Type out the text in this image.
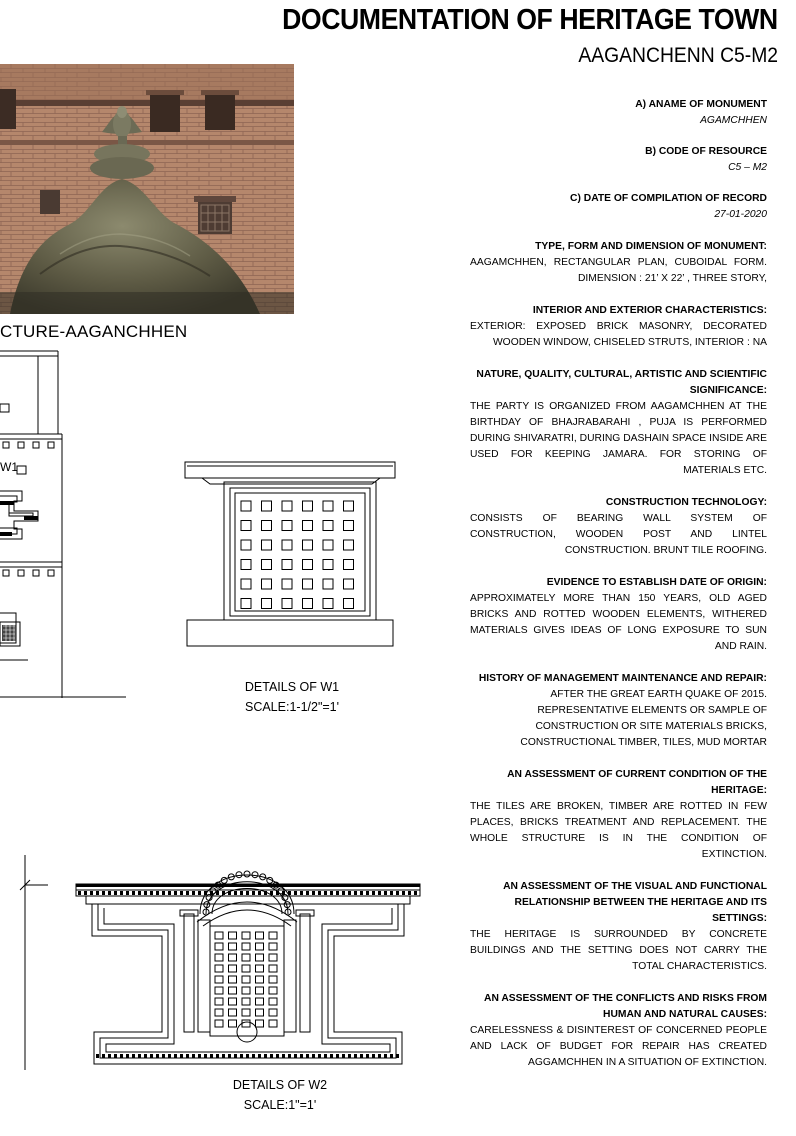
DOCUMENTATION OF HERITAGE TOWN
AAGANCHENN C5-M2
CTURE-AAGANCHHEN
W1
DETAILS OF W1
SCALE:1-1/2"=1'
DETAILS OF W2
SCALE:1"=1'
A) ANAME OF MONUMENT
AGAMCHHEN
B) CODE OF RESOURCE
C5 – M2
C) DATE OF COMPILATION OF RECORD
27-01-2020
TYPE, FORM AND DIMENSION OF MONUMENT:
AAGAMCHHEN, RECTANGULAR PLAN, CUBOIDAL FORM. DIMENSION : 21’ X 22’ , THREE STORY,
INTERIOR AND EXTERIOR CHARACTERISTICS:
EXTERIOR: EXPOSED BRICK MASONRY, DECORATED WOODEN WINDOW, CHISELED STRUTS, INTERIOR : NA
NATURE, QUALITY, CULTURAL, ARTISTIC AND SCIENTIFIC SIGNIFICANCE:
THE PARTY IS ORGANIZED FROM AAGAMCHHEN AT THE BIRTHDAY OF BHAJRABARAHI , PUJA IS PERFORMED DURING SHIVARATRI, DURING DASHAIN SPACE INSIDE ARE USED FOR KEEPING JAMARA. FOR STORING OF MATERIALS ETC.
CONSTRUCTION TECHNOLOGY:
CONSISTS OF BEARING WALL SYSTEM OF CONSTRUCTION, WOODEN POST AND LINTEL CONSTRUCTION. BRUNT TILE ROOFING.
EVIDENCE TO ESTABLISH DATE OF ORIGIN:
APPROXIMATELY MORE THAN 150 YEARS, OLD AGED BRICKS AND ROTTED WOODEN ELEMENTS, WITHERED MATERIALS GIVES IDEAS OF LONG EXPOSURE TO SUN AND RAIN.
HISTORY OF MANAGEMENT MAINTENANCE AND REPAIR:
AFTER THE GREAT EARTH QUAKE OF 2015. REPRESENTATIVE ELEMENTS OR SAMPLE OF CONSTRUCTION OR SITE MATERIALS BRICKS, CONSTRUCTIONAL TIMBER, TILES, MUD MORTAR
AN ASSESSMENT OF CURRENT CONDITION OF THE HERITAGE:
THE TILES ARE BROKEN, TIMBER ARE ROTTED IN FEW PLACES, BRICKS TREATMENT AND REPLACEMENT. THE WHOLE STRUCTURE IS IN THE CONDITION OF EXTINCTION.
AN ASSESSMENT OF THE VISUAL AND FUNCTIONAL RELATIONSHIP BETWEEN THE HERITAGE AND ITS SETTINGS:
THE HERITAGE IS SURROUNDED BY CONCRETE BUILDINGS AND THE SETTING DOES NOT CARRY THE TOTAL CHARACTERISTICS.
AN ASSESSMENT OF THE CONFLICTS AND RISKS FROM HUMAN AND NATURAL CAUSES:
CARELESSNESS & DISINTEREST OF CONCERNED PEOPLE AND LACK OF BUDGET FOR REPAIR HAS CREATED AGGAMCHHEN IN A SITUATION OF EXTINCTION.
